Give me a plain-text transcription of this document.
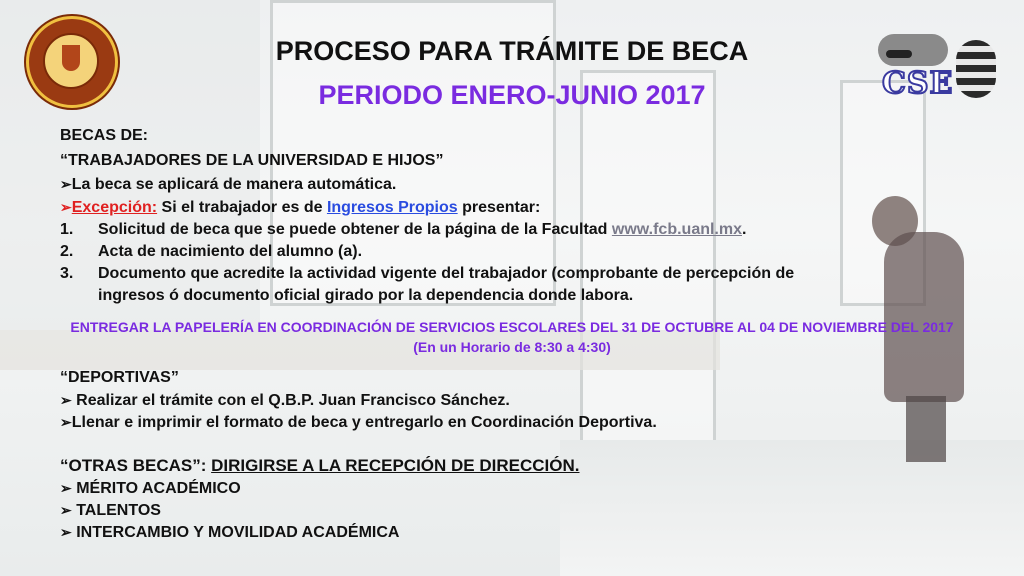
CSE
PROCESO PARA TRÁMITE DE BECA
PERIODO ENERO-JUNIO 2017
BECAS DE:
“TRABAJADORES DE LA UNIVERSIDAD E HIJOS”
➢La beca se aplicará de manera automática.
➢Excepción: Si el trabajador es de Ingresos Propios presentar:
1. Solicitud de beca que se puede obtener de la página de la Facultad www.fcb.uanl.mx.
2. Acta de nacimiento del alumno (a).
3. Documento que acredite la actividad vigente del trabajador (comprobante de percepción de
ingresos ó documento oficial girado por la dependencia donde labora.
ENTREGAR LA PAPELERÍA EN COORDINACIÓN DE SERVICIOS ESCOLARES DEL 31 DE OCTUBRE AL 04 DE NOVIEMBRE DEL 2017
(En un Horario de 8:30 a 4:30)
“DEPORTIVAS”
➢ Realizar el trámite con el Q.B.P. Juan Francisco Sánchez.
➢Llenar e imprimir el formato de beca y entregarlo en Coordinación Deportiva.
“OTRAS BECAS”: DIRIGIRSE A LA RECEPCIÓN DE DIRECCIÓN.
➢ MÉRITO ACADÉMICO
➢ TALENTOS
➢ INTERCAMBIO Y MOVILIDAD ACADÉMICA
